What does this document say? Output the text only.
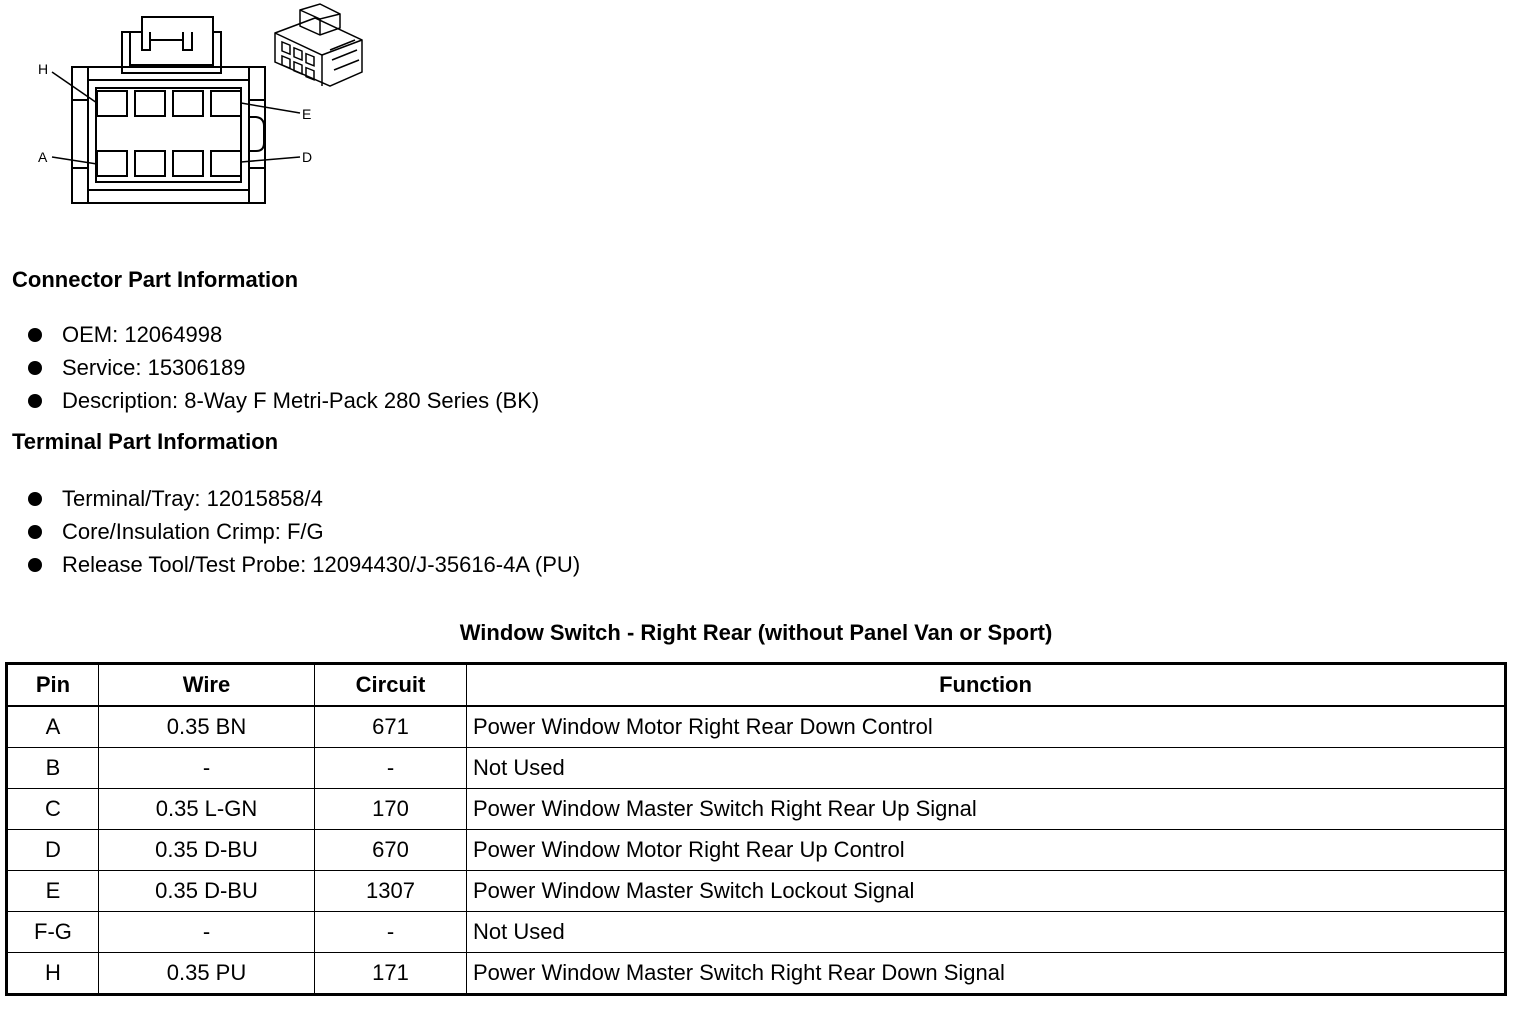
H
E
A	D
Connector Part Information
OEM: 12064998
Service: 15306189
Description: 8-Way F Metri-Pack 280 Series (BK)
Terminal Part Information
Terminal/Tray: 12015858/4
Core/Insulation Crimp: F/G
Release Tool/Test Probe: 12094430/J-35616-4A (PU)
Window Switch - Right Rear (without Panel Van or Sport)
Pin	Wire	Circuit	Function
A	0.35 BN	671	Power Window Motor Right Rear Down Control
B	-	-	Not Used
C	0.35 L-GN	170	Power Window Master Switch Right Rear Up Signal
D	0.35 D-BU	670	Power Window Motor Right Rear Up Control
E	0.35 D-BU	1307	Power Window Master Switch Lockout Signal
F-G	-	-	Not Used
H	0.35 PU	171	Power Window Master Switch Right Rear Down Signal
